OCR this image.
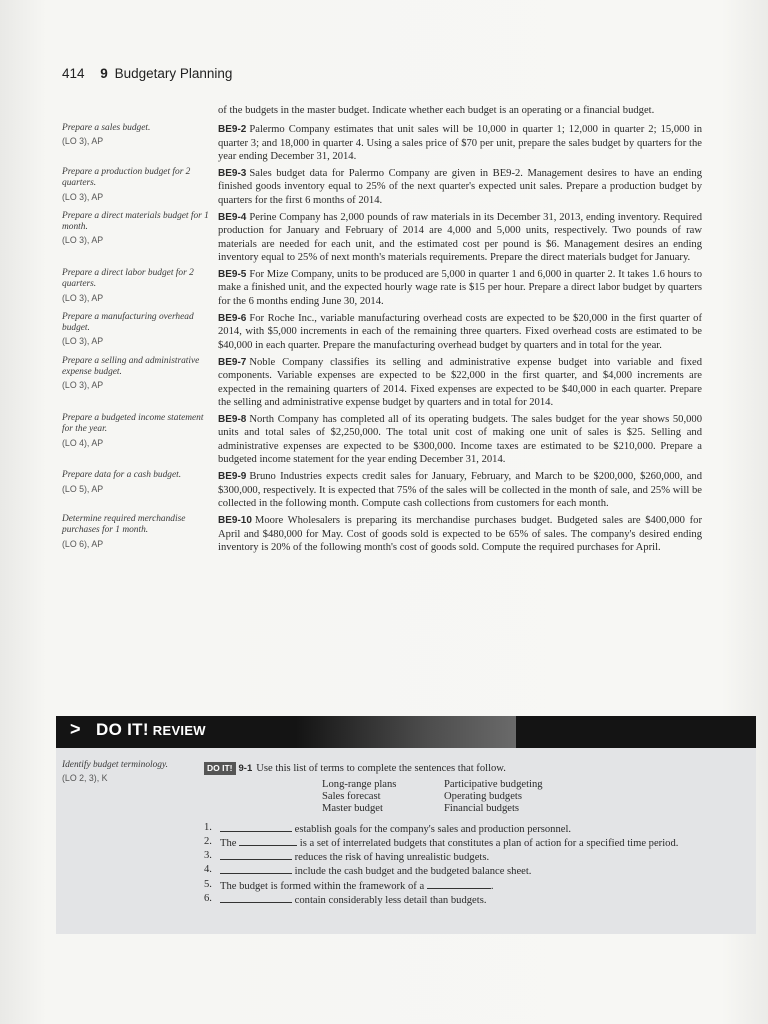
414 9 Budgetary Planning
of the budgets in the master budget. Indicate whether each budget is an operating or a financial budget.
Prepare a sales budget.
(LO 3), AP
BE9-2 Palermo Company estimates that unit sales will be 10,000 in quarter 1; 12,000 in quarter 2; 15,000 in quarter 3; and 18,000 in quarter 4. Using a sales price of $70 per unit, prepare the sales budget by quarters for the year ending December 31, 2014.
Prepare a production budget for 2 quarters.
(LO 3), AP
BE9-3 Sales budget data for Palermo Company are given in BE9-2. Management desires to have an ending finished goods inventory equal to 25% of the next quarter's expected unit sales. Prepare a production budget by quarters for the first 6 months of 2014.
Prepare a direct materials budget for 1 month.
(LO 3), AP
BE9-4 Perine Company has 2,000 pounds of raw materials in its December 31, 2013, ending inventory. Required production for January and February of 2014 are 4,000 and 5,000 units, respectively. Two pounds of raw materials are needed for each unit, and the estimated cost per pound is $6. Management desires an ending inventory equal to 25% of next month's materials requirements. Prepare the direct materials budget for January.
Prepare a direct labor budget for 2 quarters.
(LO 3), AP
BE9-5 For Mize Company, units to be produced are 5,000 in quarter 1 and 6,000 in quarter 2. It takes 1.6 hours to make a finished unit, and the expected hourly wage rate is $15 per hour. Prepare a direct labor budget by quarters for the 6 months ending June 30, 2014.
Prepare a manufacturing overhead budget.
(LO 3), AP
BE9-6 For Roche Inc., variable manufacturing overhead costs are expected to be $20,000 in the first quarter of 2014, with $5,000 increments in each of the remaining three quarters. Fixed overhead costs are estimated to be $40,000 in each quarter. Prepare the manufacturing overhead budget by quarters and in total for the year.
Prepare a selling and administrative expense budget.
(LO 3), AP
BE9-7 Noble Company classifies its selling and administrative expense budget into variable and fixed components. Variable expenses are expected to be $22,000 in the first quarter, and $4,000 increments are expected in the remaining quarters of 2014. Fixed expenses are expected to be $40,000 in each quarter. Prepare the selling and administrative expense budget by quarters and in total for 2014.
Prepare a budgeted income statement for the year.
(LO 4), AP
BE9-8 North Company has completed all of its operating budgets. The sales budget for the year shows 50,000 units and total sales of $2,250,000. The total unit cost of making one unit of sales is $25. Selling and administrative expenses are expected to be $300,000. Income taxes are estimated to be $210,000. Prepare a budgeted income statement for the year ending December 31, 2014.
Prepare data for a cash budget.
(LO 5), AP
BE9-9 Bruno Industries expects credit sales for January, February, and March to be $200,000, $260,000, and $300,000, respectively. It is expected that 75% of the sales will be collected in the month of sale, and 25% will be collected in the following month. Compute cash collections from customers for each month.
Determine required merchandise purchases for 1 month.
(LO 6), AP
BE9-10 Moore Wholesalers is preparing its merchandise purchases budget. Budgeted sales are $400,000 for April and $480,000 for May. Cost of goods sold is expected to be 65% of sales. The company's desired ending inventory is 20% of the following month's cost of goods sold. Compute the required purchases for April.
> DO IT! REVIEW
Identify budget terminology.
(LO 2, 3), K
DO IT! 9-1 Use this list of terms to complete the sentences that follow.
Long-range plans	Participative budgeting
Sales forecast	Operating budgets
Master budget	Financial budgets
1.	establish goals for the company's sales and production personnel.
2. The	is a set of interrelated budgets that constitutes a plan of action for a specified time period.
3.	reduces the risk of having unrealistic budgets.
4.	include the cash budget and the budgeted balance sheet.
5. The budget is formed within the framework of a	.
6.	contain considerably less detail than budgets.
